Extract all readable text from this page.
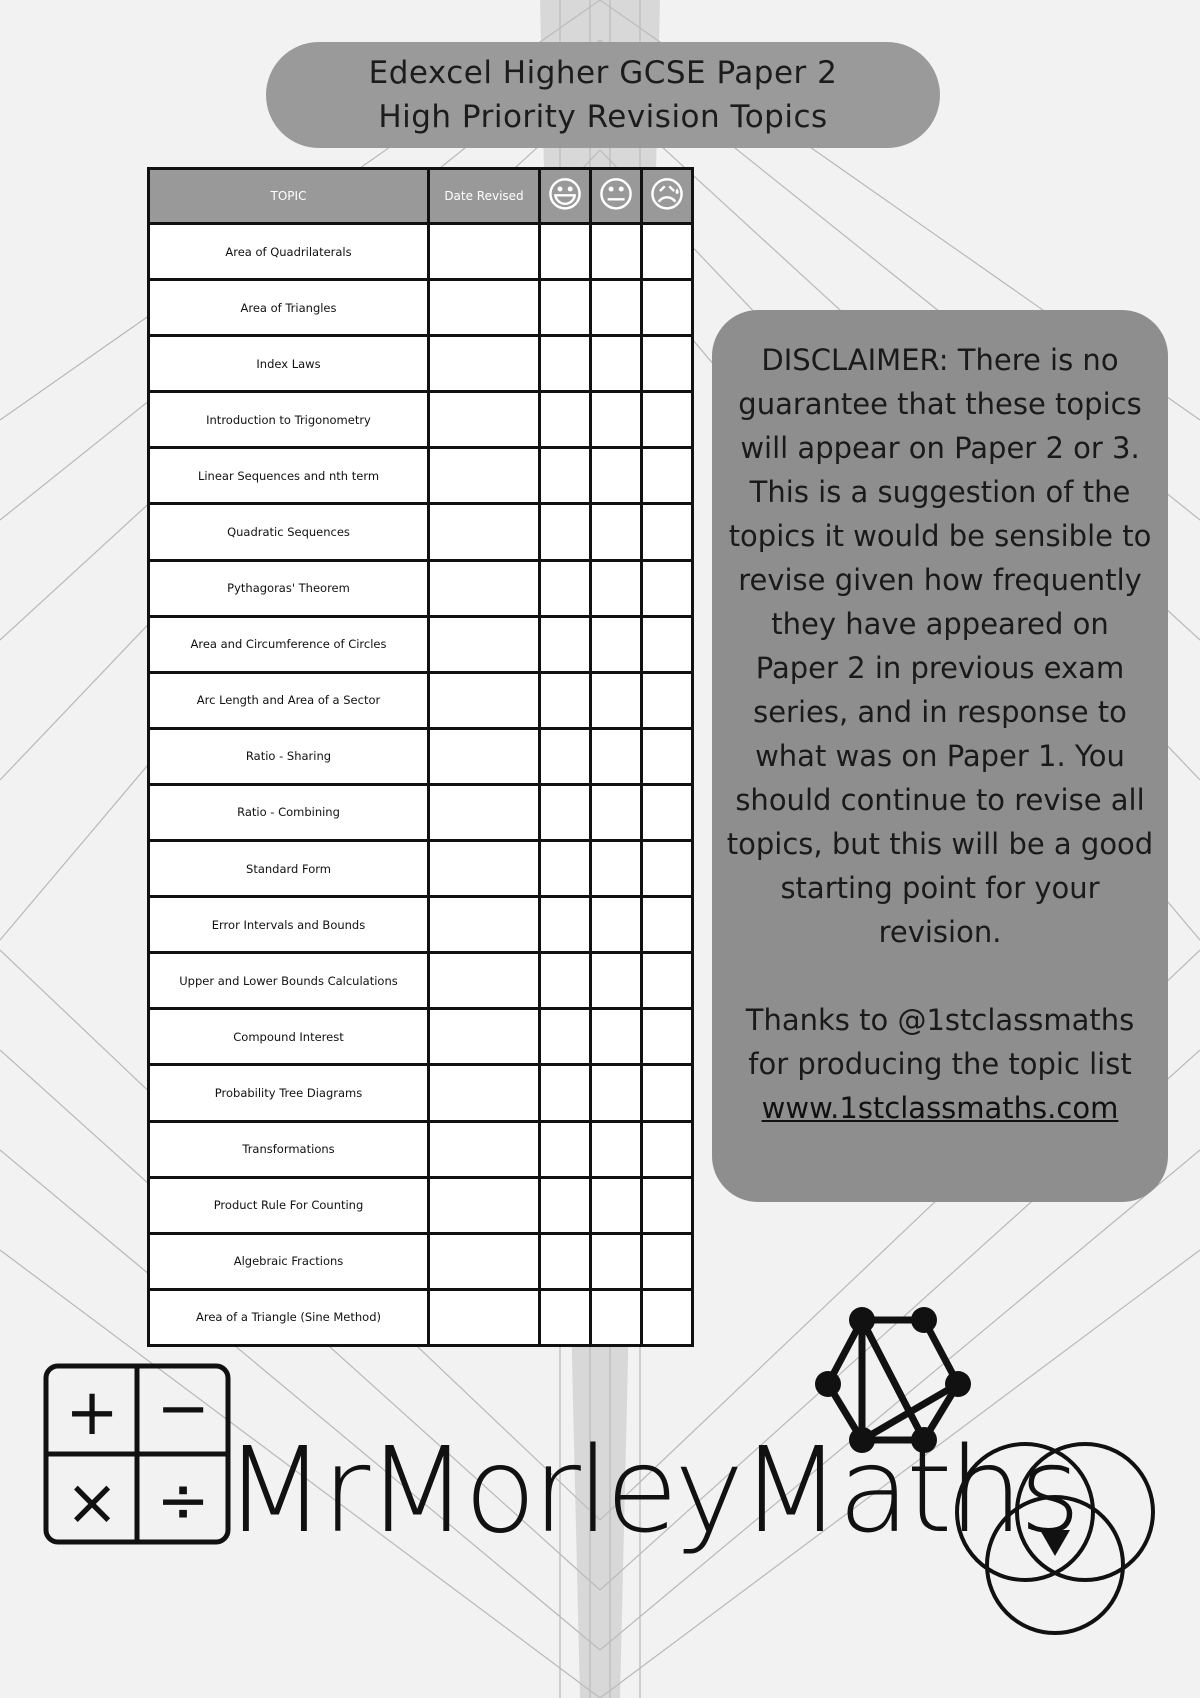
Edexcel Higher GCSE Paper 2
High Priority Revision Topics
TOPIC	Date Revised	😃	😐	😥
Area of Quadrilaterals				
Area of Triangles				
Index Laws				
Introduction to Trigonometry				
Linear Sequences and nth term				
Quadratic Sequences				
Pythagoras' Theorem				
Area and Circumference of Circles				
Arc Length and Area of a Sector				
Ratio - Sharing				
Ratio - Combining				
Standard Form				
Error Intervals and Bounds				
Upper and Lower Bounds Calculations				
Compound Interest				
Probability Tree Diagrams				
Transformations				
Product Rule For Counting				
Algebraic Fractions				
Area of a Triangle (Sine Method)				
DISCLAIMER: There is no guarantee that these topics will appear on Paper 2 or 3. This is a suggestion of the topics it would be sensible to revise given how frequently they have appeared on Paper 2 in previous exam series, and in response to what was on Paper 1. You should continue to revise all topics, but this will be a good starting point for your revision.
Thanks to @1stclassmaths for producing the topic list
www.1stclassmaths.com
+ −
× ÷ MrMorleyMaths
